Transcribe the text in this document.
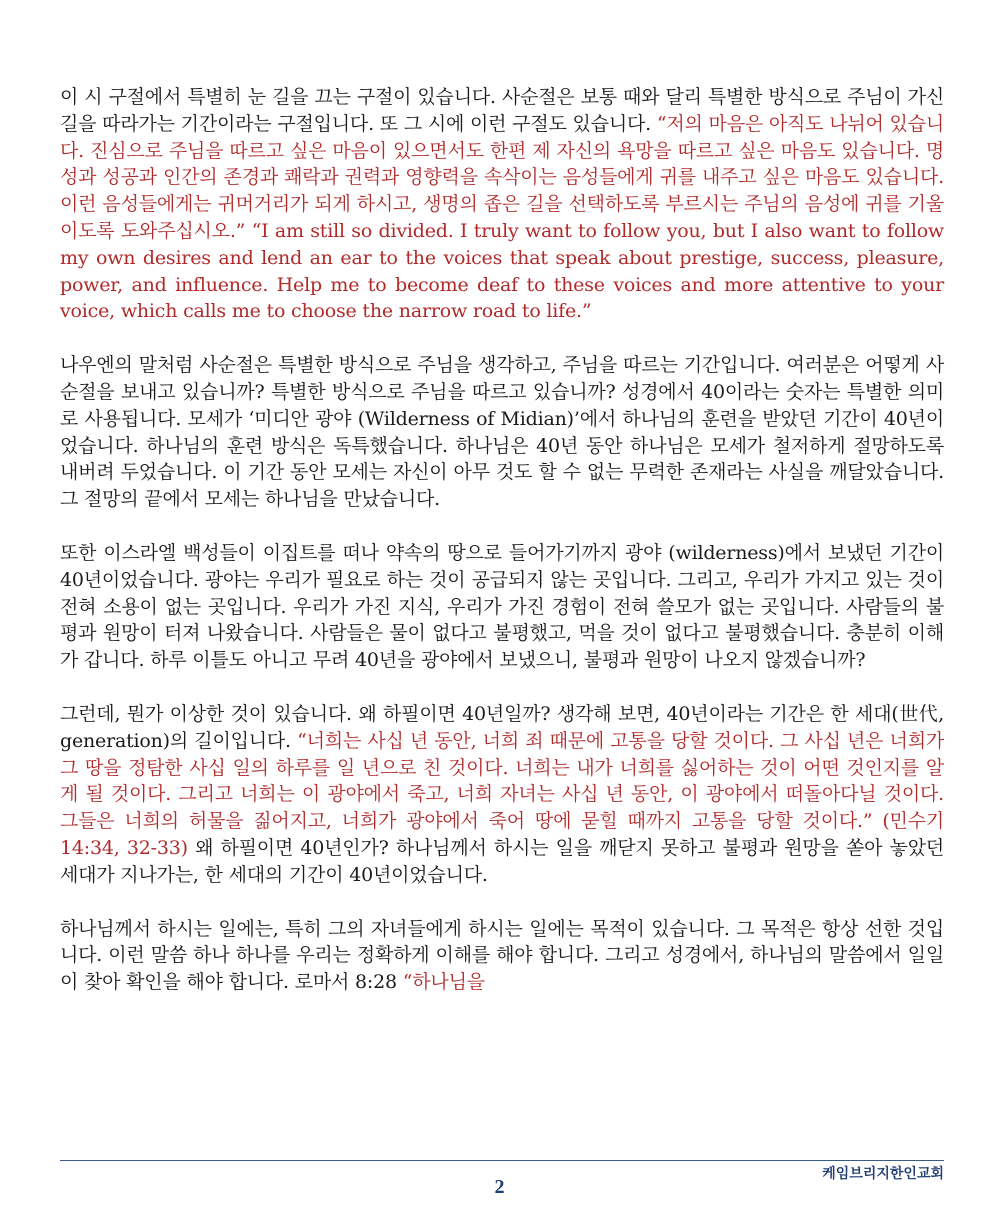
이 시 구절에서 특별히 눈 길을 끄는 구절이 있습니다. 사순절은 보통 때와 달리 특별한 방식으로 주님이 가신 길을 따라가는 기간이라는 구절입니다. 또 그 시에 이런 구절도 있습니다. “저의 마음은 아직도 나뉘어 있습니다. 진심으로 주님을 따르고 싶은 마음이 있으면서도 한편 제 자신의 욕망을 따르고 싶은 마음도 있습니다. 명성과 성공과 인간의 존경과 쾌락과 권력과 영향력을 속삭이는 음성들에게 귀를 내주고 싶은 마음도 있습니다. 이런 음성들에게는 귀머거리가 되게 하시고, 생명의 좁은 길을 선택하도록 부르시는 주님의 음성에 귀를 기울이도록 도와주십시오.” “I am still so divided. I truly want to follow you, but I also want to follow my own desires and lend an ear to the voices that speak about prestige, success, pleasure, power, and influence. Help me to become deaf to these voices and more attentive to your voice, which calls me to choose the narrow road to life.”

나우엔의 말처럼 사순절은 특별한 방식으로 주님을 생각하고, 주님을 따르는 기간입니다. 여러분은 어떻게 사순절을 보내고 있습니까? 특별한 방식으로 주님을 따르고 있습니까? 성경에서 40이라는 숫자는 특별한 의미로 사용됩니다. 모세가 ‘미디안 광야 (Wilderness of Midian)’에서 하나님의 훈련을 받았던 기간이 40년이었습니다. 하나님의 훈련 방식은 독특했습니다. 하나님은 40년 동안 하나님은 모세가 철저하게 절망하도록 내버려 두었습니다. 이 기간 동안 모세는 자신이 아무 것도 할 수 없는 무력한 존재라는 사실을 깨달았습니다. 그 절망의 끝에서 모세는 하나님을 만났습니다.

또한 이스라엘 백성들이 이집트를 떠나 약속의 땅으로 들어가기까지 광야 (wilderness)에서 보냈던 기간이 40년이었습니다. 광야는 우리가 필요로 하는 것이 공급되지 않는 곳입니다. 그리고, 우리가 가지고 있는 것이 전혀 소용이 없는 곳입니다. 우리가 가진 지식, 우리가 가진 경험이 전혀 쓸모가 없는 곳입니다. 사람들의 불평과 원망이 터져 나왔습니다. 사람들은 물이 없다고 불평했고, 먹을 것이 없다고 불평했습니다. 충분히 이해가 갑니다. 하루 이틀도 아니고 무려 40년을 광야에서 보냈으니, 불평과 원망이 나오지 않겠습니까?

그런데, 뭔가 이상한 것이 있습니다. 왜 하필이면 40년일까? 생각해 보면, 40년이라는 기간은 한 세대(世代, generation)의 길이입니다. “너희는 사십 년 동안, 너희 죄 때문에 고통을 당할 것이다. 그 사십 년은 너희가 그 땅을 정탐한 사십 일의 하루를 일 년으로 친 것이다. 너희는 내가 너희를 싫어하는 것이 어떤 것인지를 알게 될 것이다. 그리고 너희는 이 광야에서 죽고, 너희 자녀는 사십 년 동안, 이 광야에서 떠돌아다닐 것이다. 그들은 너희의 허물을 짊어지고, 너희가 광야에서 죽어 땅에 묻힐 때까지 고통을 당할 것이다.” (민수기 14:34, 32-33) 왜 하필이면 40년인가? 하나님께서 하시는 일을 깨닫지 못하고 불평과 원망을 쏟아 놓았던 세대가 지나가는, 한 세대의 기간이 40년이었습니다.

하나님께서 하시는 일에는, 특히 그의 자녀들에게 하시는 일에는 목적이 있습니다. 그 목적은 항상 선한 것입니다. 이런 말씀 하나 하나를 우리는 정확하게 이해를 해야 합니다. 그리고 성경에서, 하나님의 말씀에서 일일이 찾아 확인을 해야 합니다. 로마서 8:28 “하나님을

케임브리지한인교회
2
